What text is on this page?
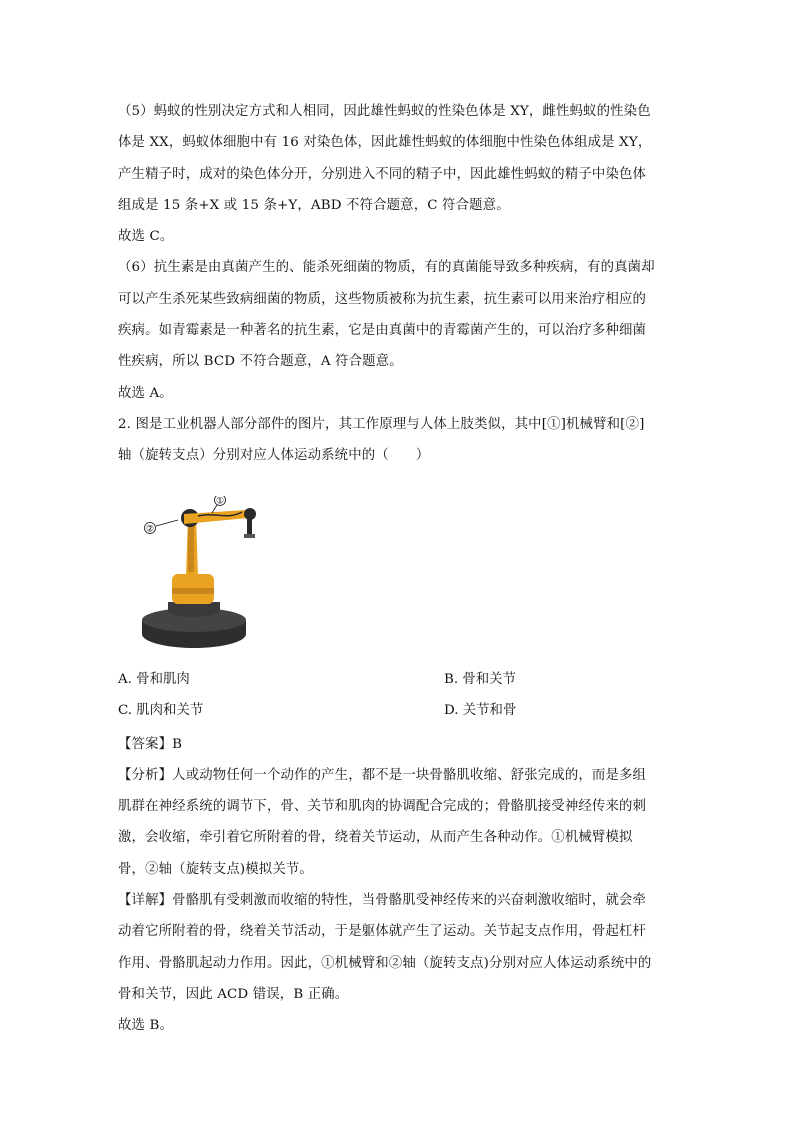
（5）蚂蚁的性别决定方式和人相同，因此雄性蚂蚁的性染色体是 XY，雌性蚂蚁的性染色

体是 XX，蚂蚁体细胞中有 16 对染色体，因此雄性蚂蚁的体细胞中性染色体组成是 XY，

产生精子时，成对的染色体分开，分别进入不同的精子中，因此雄性蚂蚁的精子中染色体

组成是 15 条+X 或 15 条+Y，ABD 不符合题意，C 符合题意。

故选 C。

（6）抗生素是由真菌产生的、能杀死细菌的物质，有的真菌能导致多种疾病，有的真菌却

可以产生杀死某些致病细菌的物质，这些物质被称为抗生素，抗生素可以用来治疗相应的

疾病。如青霉素是一种著名的抗生素，它是由真菌中的青霉菌产生的，可以治疗多种细菌

性疾病，所以 BCD 不符合题意，A 符合题意。

故选 A。

2. 图是工业机器人部分部件的图片，其工作原理与人体上肢类似，其中[①]机械臂和[②]

轴（旋转支点）分别对应人体运动系统中的（　　）

①
②
A. 骨和肌肉	B. 骨和关节
C. 肌肉和关节	D. 关节和骨

【答案】B

【分析】人或动物任何一个动作的产生，都不是一块骨骼肌收缩、舒张完成的，而是多组

肌群在神经系统的调节下，骨、关节和肌肉的协调配合完成的；骨骼肌接受神经传来的刺

激，会收缩，牵引着它所附着的骨，绕着关节运动，从而产生各种动作。①机械臂模拟

骨，②轴（旋转支点)模拟关节。

【详解】骨骼肌有受刺激而收缩的特性，当骨骼肌受神经传来的兴奋刺激收缩时，就会牵

动着它所附着的骨，绕着关节活动，于是躯体就产生了运动。关节起支点作用，骨起杠杆

作用、骨骼肌起动力作用。因此，①机械臂和②轴（旋转支点)分别对应人体运动系统中的

骨和关节，因此 ACD 错误，B 正确。

故选 B。
